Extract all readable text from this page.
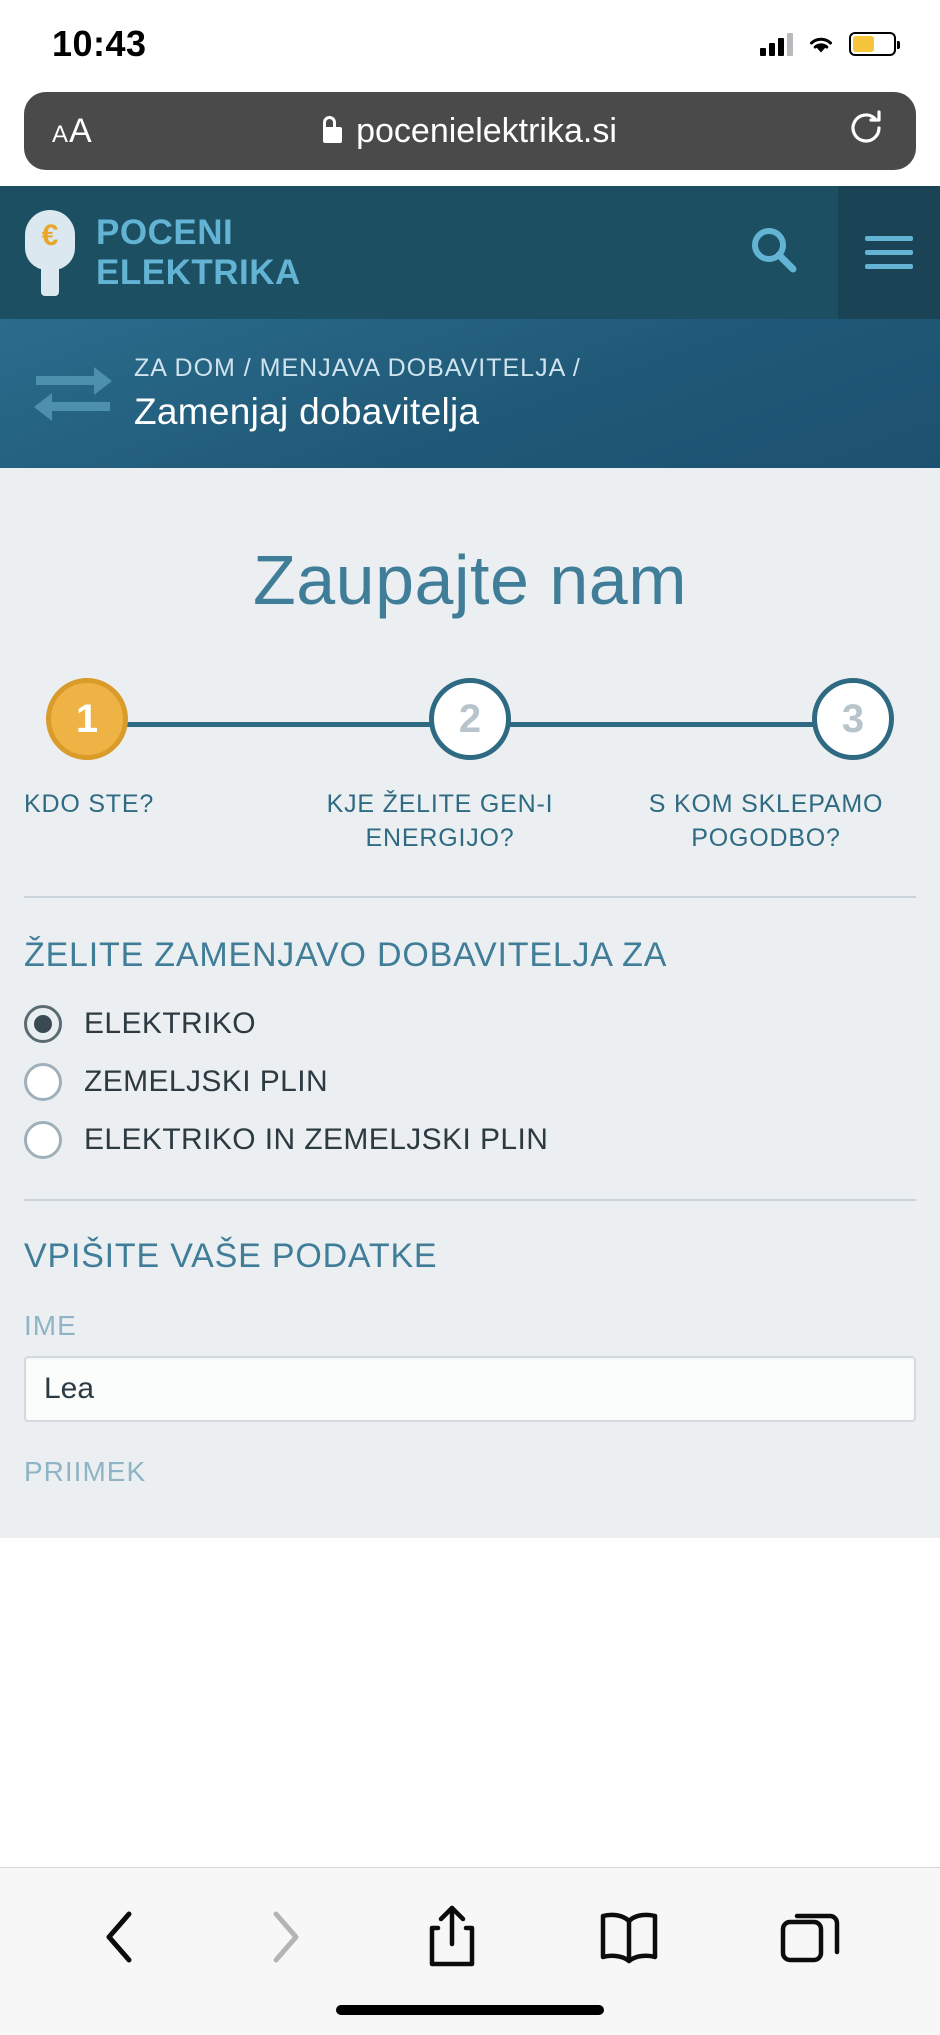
10:43
A A	pocenielektrika.si
€
POCENI
ELEKTRIKA
ZA DOM / MENJAVA DOBAVITELJA /
Zamenjaj dobavitelja
Zaupajte nam
1	2	3
KDO STE?	KJE ŽELITE GEN-I ENERGIJO?
S KOM SKLEPAMO POGODBO?
ŽELITE ZAMENJAVO DOBAVITELJA ZA
ELEKTRIKO
ZEMELJSKI PLIN
ELEKTRIKO IN ZEMELJSKI PLIN
VPIŠITE VAŠE PODATKE
IME
Lea
PRIIMEK
